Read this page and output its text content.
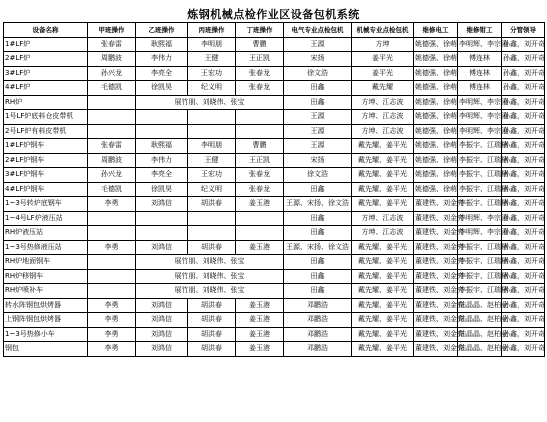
炼钢机械点检作业区设备包机系统
设备名称	甲班操作	乙班操作	丙班操作	丁班操作	电气专业点检包机	机械专业点检包机	维修电工	维修钳工	分管领导
1#LF炉	张春雷	耿熙福	李明朋	曹鹏	王源	方坤	姚德强、徐萌	李明辉、李宗涛	孙鑫，刘开奇
2#LF炉	周鹏波	李伟力	王健	王正凯	宋扬	姜平光	姚德强、徐萌	傅连林	孙鑫，刘开奇
3#LF炉	孙兴龙	李亮全	王宏功	张春龙	徐文浩	姜平光	姚德强、徐萌	傅连林	孙鑫，刘开奇
4#LF炉	毛德凯	徐凯昊	纪义明	张春龙	田鑫	戴先耀	姚德强、徐萌	傅连林	孙鑫，刘开奇
RH炉		展竹朋、刘晓伟、张宝			田鑫	方坤、江志波	姚德强、徐萌	李明辉、李宗涛	孙鑫，刘开奇
1号LF炉底料仓皮带机					王源	方坤、江志波	姚德强、徐萌	李明辉、李宗涛	孙鑫，刘开奇
2号LF炉有料皮带机					王源	方坤、江志波	姚德强、徐萌	李明辉、李宗涛	孙鑫，刘开奇
1#LF炉钢车	张春雷	耿熙福	李明朋	曹鹏	王源	戴先耀、姜平光	姚德强、徐萌	李振宇、江瑞林	孙鑫，刘开奇
2#LF炉钢车	周鹏波	李伟力	王健	王正凯	宋扬	戴先耀、姜平光	姚德强、徐萌	李振宇、江瑞林	孙鑫，刘开奇
3#LF炉钢车	孙兴龙	李亮全	王宏功	张春龙	徐文浩	戴先耀、姜平光	姚德强、徐萌	李振宇、江瑞林	孙鑫，刘开奇
4#LF炉钢车	毛德凯	徐凯昊	纪义明	张春龙	田鑫	戴先耀、姜平光	姚德强、徐萌	李振宇、江瑞林	孙鑫，刘开奇
1~3号转炉底钢车	李勇	刘鸿信	胡洪春	姜玉港	王源、宋扬、徐文浩	戴先耀、姜平光	董建铁、刘金亮	李振宇、江瑞林	孙鑫，刘开奇
1~4号LF炉液压站					田鑫	方坤、江志波	董建铁、刘金亮	李明辉、李宗涛	孙鑫，刘开奇
RH炉液压站					田鑫	方坤、江志波	董建铁、刘金亮	李明辉、李宗涛	孙鑫，刘开奇
1~3号热修液压站	李勇	刘鸿信	胡洪春	姜玉港	王源、宋扬、徐文浩	戴先耀、姜平光	董建铁、刘金亮	李振宇、江瑞林	孙鑫，刘开奇
RH炉地面钢车		展竹朋、刘晓伟、张宝			田鑫	戴先耀、姜平光	董建铁、刘金亮	李振宇、江瑞林	孙鑫，刘开奇
RH炉移钢车		展竹朋、刘晓伟、张宝			田鑫	戴先耀、姜平光	董建铁、刘金亮	李振宇、江瑞林	孙鑫，刘开奇
RH炉喷补车		展竹朋、刘晓伟、张宝			田鑫	戴先耀、姜平光	董建铁、刘金亮	李振宇、江瑞林	孙鑫，刘开奇
转水阵钢包烘烤器	李勇	刘鸿信	胡洪春	姜玉港	邓鹏浩	戴先耀、姜平光	董建铁、刘金亮	陆晶晶、赵柏业	孙鑫，刘开奇
上钢阵钢包烘烤器	李勇	刘鸿信	胡洪春	姜玉港	邓鹏浩	戴先耀、姜平光	董建铁、刘金亮	陆晶晶、赵柏业	孙鑫，刘开奇
1~3号热修小车	李勇	刘鸿信	胡洪春	姜玉港	邓鹏浩	戴先耀、姜平光	董建铁、刘金亮	陆晶晶、赵柏业	孙鑫，刘开奇
钢包	李勇	刘鸿信	胡洪春	姜玉港	邓鹏浩	戴先耀、姜平光	董建铁、刘金亮	陆晶晶、赵柏业	孙鑫，刘开奇
